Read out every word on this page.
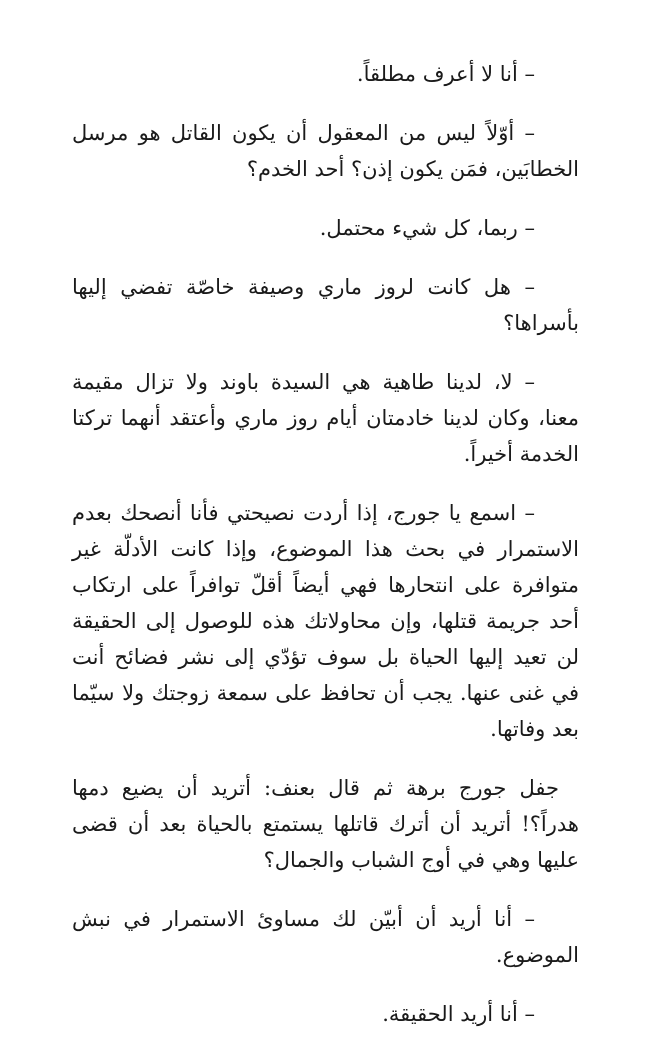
– أنا لا أعرف مطلقاً.

– أوّلاً ليس من المعقول أن يكون القاتل هو مرسل الخطابَين، فمَن يكون إذن؟ أحد الخدم؟

– ربما، كل شيء محتمل.

– هل كانت لروز ماري وصيفة خاصّة تفضي إليها بأسراها؟

– لا، لدينا طاهية هي السيدة باوند ولا تزال مقيمة معنا، وكان لدينا خادمتان أيام روز ماري وأعتقد أنهما تركتا الخدمة أخيراً.

– اسمع يا جورج، إذا أردت نصيحتي فأنا أنصحك بعدم الاستمرار في بحث هذا الموضوع، وإذا كانت الأدلّة غير متوافرة على انتحارها فهي أيضاً أقلّ توافراً على ارتكاب أحد جريمة قتلها، وإن محاولاتك هذه للوصول إلى الحقيقة لن تعيد إليها الحياة بل سوف تؤدّي إلى نشر فضائح أنت في غنى عنها. يجب أن تحافظ على سمعة زوجتك ولا سيّما بعد وفاتها.

جفل جورج برهة ثم قال بعنف: أتريد أن يضيع دمها هدراً؟! أتريد أن أترك قاتلها يستمتع بالحياة بعد أن قضى عليها وهي في أوج الشباب والجمال؟

– أنا أريد أن أبيّن لك مساوئ الاستمرار في نبش الموضوع.

– أنا أريد الحقيقة.
